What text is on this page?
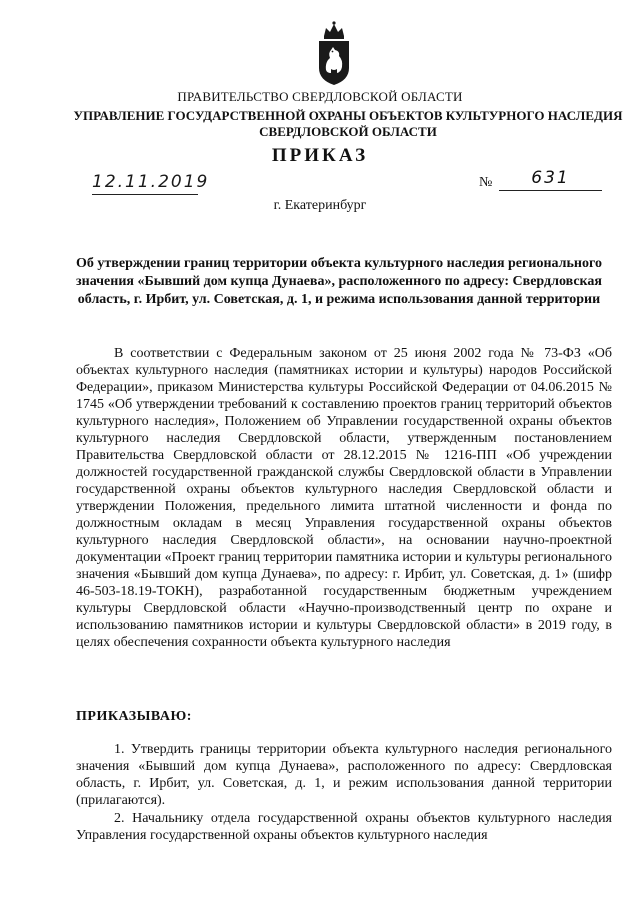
ПРАВИТЕЛЬСТВО СВЕРДЛОВСКОЙ ОБЛАСТИ
УПРАВЛЕНИЕ ГОСУДАРСТВЕННОЙ ОХРАНЫ ОБЪЕКТОВ КУЛЬТУРНОГО НАСЛЕДИЯ СВЕРДЛОВСКОЙ ОБЛАСТИ
ПРИКАЗ
12.11.2019	№	631
г. Екатеринбург
Об утверждении границ территории объекта культурного наследия регионального значения «Бывший дом купца Дунаева», расположенного по адресу: Свердловская область, г. Ирбит, ул. Советская, д. 1, и режима использования данной территории

В соответствии с Федеральным законом от 25 июня 2002 года № 73-ФЗ «Об объектах культурного наследия (памятниках истории и культуры) народов Российской Федерации», приказом Министерства культуры Российской Федерации от 04.06.2015 № 1745 «Об утверждении требований к составлению проектов границ территорий объектов культурного наследия», Положением об Управлении государственной охраны объектов культурного наследия Свердловской области, утвержденным постановлением Правительства Свердловской области от 28.12.2015 № 1216-ПП «Об учреждении должностей государственной гражданской службы Свердловской области в Управлении государственной охраны объектов культурного наследия Свердловской области и утверждении Положения, предельного лимита штатной численности и фонда по должностным окладам в месяц Управления государственной охраны объектов культурного наследия Свердловской области», на основании научно-проектной документации «Проект границ территории памятника истории и культуры регионального значения «Бывший дом купца Дунаева», по адресу: г. Ирбит, ул. Советская, д. 1» (шифр 46-503-18.19-ТОКН), разработанной государственным бюджетным учреждением культуры Свердловской области «Научно-производственный центр по охране и использованию памятников истории и культуры Свердловской области» в 2019 году, в целях обеспечения сохранности объекта культурного наследия

ПРИКАЗЫВАЮ:

1. Утвердить границы территории объекта культурного наследия регионального значения «Бывший дом купца Дунаева», расположенного по адресу: Свердловская область, г. Ирбит, ул. Советская, д. 1, и режим использования данной территории (прилагаются).

2. Начальнику отдела государственной охраны объектов культурного наследия Управления государственной охраны объектов культурного наследия
